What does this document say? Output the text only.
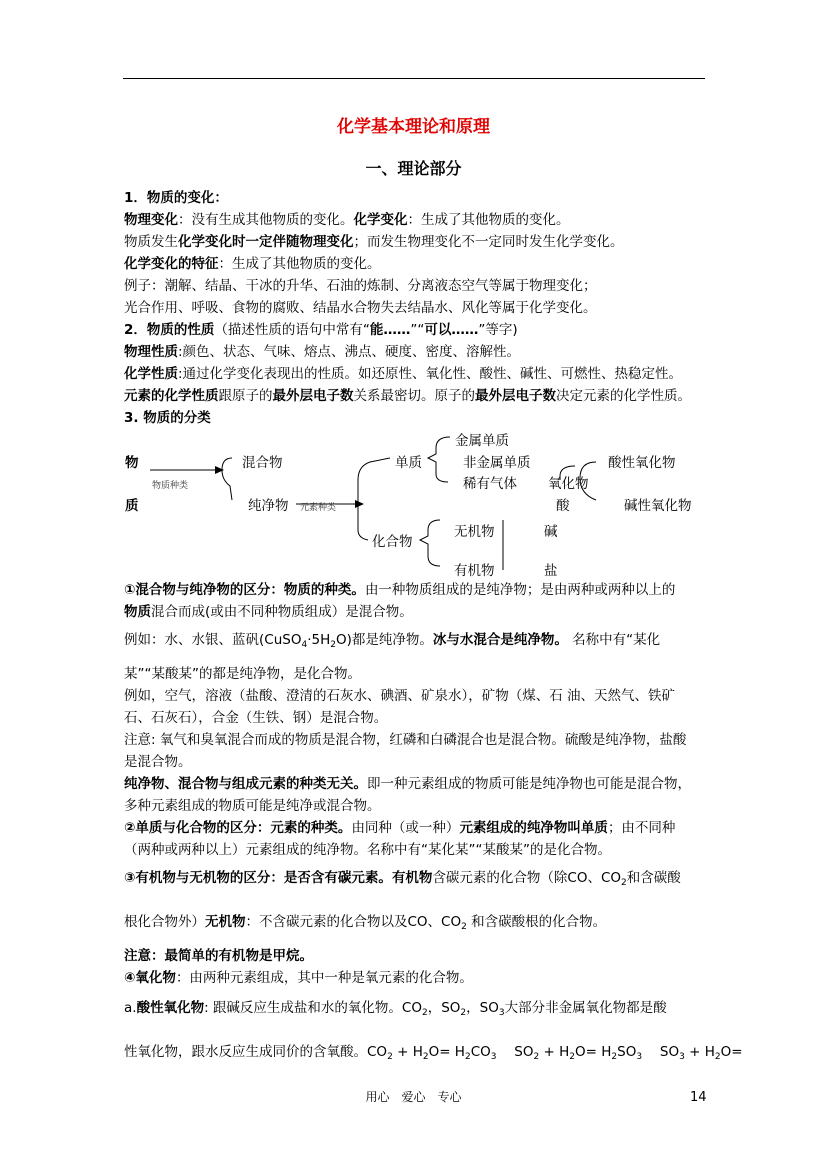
化学基本理论和原理
一、理论部分
1．物质的变化：
物理变化：没有生成其他物质的变化。化学变化：生成了其他物质的变化。
物质发生化学变化时一定伴随物理变化；而发生物理变化不一定同时发生化学变化。
化学变化的特征：生成了其他物质的变化。
例子：潮解、结晶、干冰的升华、石油的炼制、分离液态空气等属于物理变化；
光合作用、呼吸、食物的腐败、结晶水合物失去结晶水、风化等属于化学变化。
2．物质的性质（描述性质的语句中常有“能……”“可以……”等字)
物理性质:颜色、状态、气味、熔点、沸点、硬度、密度、溶解性。
化学性质:通过化学变化表现出的性质。如还原性、氧化性、酸性、碱性、可燃性、热稳定性。
元素的化学性质跟原子的最外层电子数关系最密切。原子的最外层电子数决定元素的化学性质。
3. 物质的分类
物
质
混合物
纯净物
物质种类
元素种类
单质
化合物
金属单质
非金属单质
稀有气体
无机物
有机物
氧化物
酸
碱
盐
酸性氧化物
碱性氧化物
①混合物与纯净物的区分：物质的种类。由一种物质组成的是纯净物；是由两种或两种以上的
物质混合而成(或由不同种物质组成）是混合物。
例如：水、水银、蓝矾$(CuSO_4\cdot 5H_2O)$都是纯净物。冰与水混合是纯净物。 名称中有“某化
某”“某酸某”的都是纯净物，是化合物。
例如，空气，溶液（盐酸、澄清的石灰水、碘酒、矿泉水），矿物（煤、石 油、天然气、铁矿
石、石灰石），合金（生铁、钢）是混合物。
注意: 氧气和臭氧混合而成的物质是混合物，红磷和白磷混合也是混合物。硫酸是纯净物，盐酸
是混合物。
纯净物、混合物与组成元素的种类无关。即一种元素组成的物质可能是纯净物也可能是混合物，
多种元素组成的物质可能是纯净或混合物。
②单质与化合物的区分：元素的种类。由同种（或一种）元素组成的纯净物叫单质；由不同种
（两种或两种以上）元素组成的纯净物。名称中有“某化某”“某酸某”的是化合物。
③有机物与无机物的区分：是否含有碳元素。有机物含碳元素的化合物（除CO、$CO_2$和含碳酸
根化合物外）无机物：不含碳元素的化合物以及CO、$CO_2$ 和含碳酸根的化合物。
注意：最简单的有机物是甲烷。
④氧化物：由两种元素组成，其中一种是氧元素的化合物。
a.酸性氧化物: 跟碱反应生成盐和水的氧化物。$CO_2$，$SO_2$，$SO_3$大部分非金属氧化物都是酸
性氧化物，跟水反应生成同价的含氧酸。$CO_2 + H_2O= H_2CO_3$　 $SO_2 + H_2O= H_2SO_3$　 $SO_3 + H_2O=$
用心　爱心　专心	14
